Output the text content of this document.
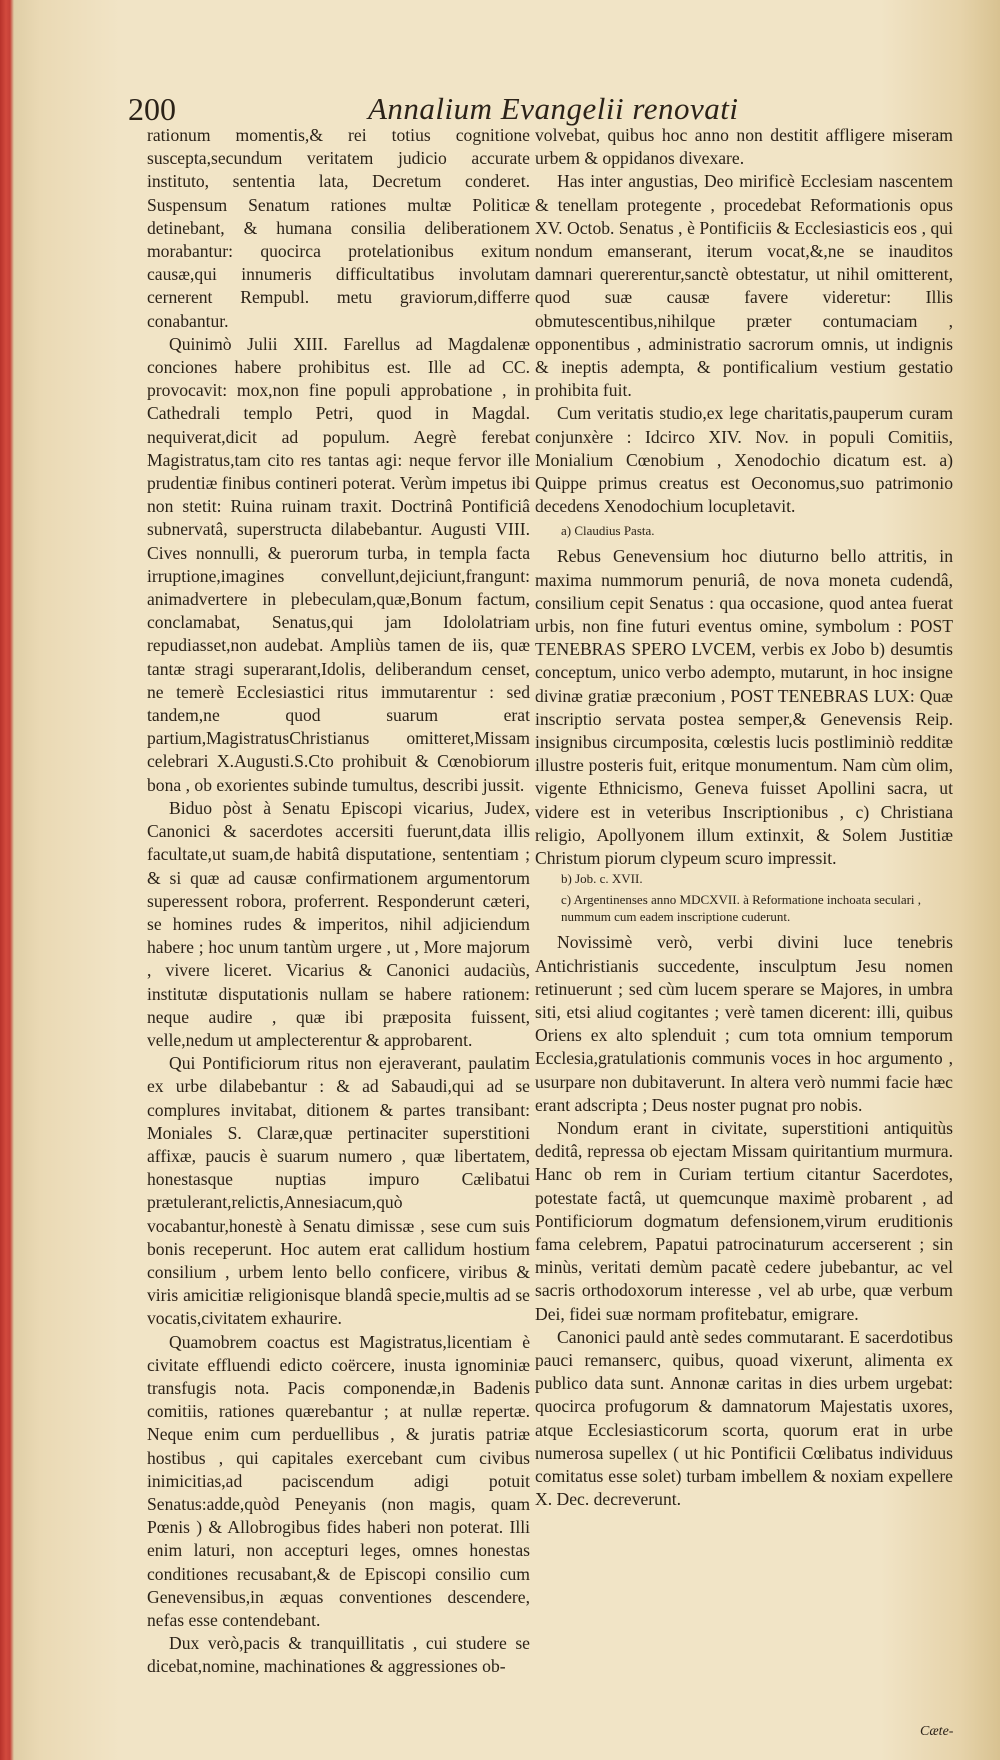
200	Annalium Evangelii renovati

rationum momentis,& rei totius cognitione suscepta,secundum veritatem judicio accurate instituto, sententia lata, Decretum conderet. Suspensum Senatum rationes multæ Politicæ detinebant, & humana consilia deliberationem morabantur: quocirca protelationibus exitum causæ,qui innumeris difficultatibus involutam cernerent Rempubl. metu graviorum,differre conabantur.

Quinimò Julii XIII. Farellus ad Magdalenæ conciones habere prohibitus est. Ille ad CC. provocavit: mox,non fine populi approbatione , in Cathedrali templo Petri, quod in Magdal. nequiverat,dicit ad populum. Aegrè ferebat Magistratus,tam cito res tantas agi: neque fervor ille prudentiæ finibus contineri poterat. Verùm impetus ibi non stetit: Ruina ruinam traxit. Doctrinâ Pontificiâ subnervatâ, superstructa dilabebantur. Augusti VIII. Cives nonnulli, & puerorum turba, in templa facta irruptione,imagines convellunt,dejiciunt,frangunt: animadvertere in plebeculam,quæ,Bonum factum, conclamabat, Senatus,qui jam Idololatriam repudiasset,non audebat. Ampliùs tamen de iis, quæ tantæ stragi superarant,Idolis, deliberandum censet, ne temerè Ecclesiastici ritus immutarentur : sed tandem,ne quod suarum erat partium,MagistratusChristianus omitteret,Missam celebrari X.Augusti.S.Cto prohibuit & Cœnobiorum bona , ob exorientes subinde tumultus, describi jussit.

Biduo pòst à Senatu Episcopi vicarius, Judex, Canonici & sacerdotes accersiti fuerunt,data illis facultate,ut suam,de habitâ disputatione, sententiam ; & si quæ ad causæ confirmationem argumentorum superessent robora, proferrent. Responderunt cæteri, se homines rudes & imperitos, nihil adjiciendum habere ; hoc unum tantùm urgere , ut , More majorum , vivere liceret. Vicarius & Canonici audaciùs, institutæ disputationis nullam se habere rationem: neque audire , quæ ibi præposita fuissent, velle,nedum ut amplecterentur & approbarent.

Qui Pontificiorum ritus non ejeraverant, paulatim ex urbe dilabebantur : & ad Sabaudi,qui ad se complures invitabat, ditionem & partes transibant: Moniales S. Claræ,quæ pertinaciter superstitioni affixæ, paucis è suarum numero , quæ libertatem, honestasque nuptias impuro Cælibatui prætulerant,relictis,Annesiacum,quò vocabantur,honestè à Senatu dimissæ , sese cum suis bonis receperunt. Hoc autem erat callidum hostium consilium , urbem lento bello conficere, viribus & viris amicitiæ religionisque blandâ specie,multis ad se vocatis,civitatem exhaurire.

Quamobrem coactus est Magistratus,licentiam è civitate effluendi edicto coërcere, inusta ignominiæ transfugis nota. Pacis componendæ,in Badenis comitiis, rationes quærebantur ; at nullæ repertæ. Neque enim cum perduellibus , & juratis patriæ hostibus , qui capitales exercebant cum civibus inimicitias,ad paciscendum adigi potuit Senatus:adde,quòd Peneyanis (non magis, quam Pœnis ) & Allobrogibus fides haberi non poterat. Illi enim laturi, non accepturi leges, omnes honestas conditiones recusabant,& de Episcopi consilio cum Genevensibus,in æquas conventiones descendere, nefas esse contendebant.

Dux verò,pacis & tranquillitatis , cui studere se dicebat,nomine, machinationes & aggressiones ob-

volvebat, quibus hoc anno non destitit affligere miseram urbem & oppidanos divexare.

Has inter angustias, Deo mirificè Ecclesiam nascentem & tenellam protegente , procedebat Reformationis opus XV. Octob. Senatus , è Pontificiis & Ecclesiasticis eos , qui nondum emanserant, iterum vocat,&,ne se inauditos damnari quererentur,sanctè obtestatur, ut nihil omitterent, quod suæ causæ favere videretur: Illis obmutescentibus,nihilque præter contumaciam , opponentibus , administratio sacrorum omnis, ut indignis & ineptis adempta, & pontificalium vestium gestatio prohibita fuit.

Cum veritatis studio,ex lege charitatis,pauperum curam conjunxère : Idcirco XIV. Nov. in populi Comitiis, Monialium Cœnobium , Xenodochio dicatum est. a) Quippe primus creatus est Oeconomus,suo patrimonio decedens Xenodochium locupletavit.

a) Claudius Pasta.

Rebus Genevensium hoc diuturno bello attritis, in maxima nummorum penuriâ, de nova moneta cudendâ, consilium cepit Senatus : qua occasione, quod antea fuerat urbis, non fine futuri eventus omine, symbolum : POST TENEBRAS SPERO LVCEM, verbis ex Jobo b) desumtis conceptum, unico verbo adempto, mutarunt, in hoc insigne divinæ gratiæ præconium , POST TENEBRAS LUX: Quæ inscriptio servata postea semper,& Genevensis Reip. insignibus circumposita, cœlestis lucis postliminiò redditæ illustre posteris fuit, eritque monumentum. Nam cùm olim, vigente Ethnicismo, Geneva fuisset Apollini sacra, ut videre est in veteribus Inscriptionibus , c) Christiana religio, Apollyonem illum extinxit, & Solem Justitiæ Christum piorum clypeum scuro impressit.

b) Job. c. XVII.

c) Argentinenses anno MDCXVII. à Reformatione inchoata seculari , nummum cum eadem inscriptione cuderunt.

Novissimè verò, verbi divini luce tenebris Antichristianis succedente, insculptum Jesu nomen retinuerunt ; sed cùm lucem sperare se Majores, in umbra siti, etsi aliud cogitantes ; verè tamen dicerent: illi, quibus Oriens ex alto splenduit ; cum tota omnium temporum Ecclesia,gratulationis communis voces in hoc argumento , usurpare non dubitaverunt. In altera verò nummi facie hæc erant adscripta ; Deus noster pugnat pro nobis.

Nondum erant in civitate, superstitioni antiquitùs deditâ, repressa ob ejectam Missam quiritantium murmura. Hanc ob rem in Curiam tertium citantur Sacerdotes, potestate factâ, ut quemcunque maximè probarent , ad Pontificiorum dogmatum defensionem,virum eruditionis fama celebrem, Papatui patrocinaturum accerserent ; sin minùs, veritati demùm pacatè cedere jubebantur, ac vel sacris orthodoxorum interesse , vel ab urbe, quæ verbum Dei, fidei suæ normam profitebatur, emigrare.

Canonici pauld antè sedes commutarant. E sacerdotibus pauci remanserc, quibus, quoad vixerunt, alimenta ex publico data sunt. Annonæ caritas in dies urbem urgebat: quocirca profugorum & damnatorum Majestatis uxores, atque Ecclesiasticorum scorta, quorum erat in urbe numerosa supellex ( ut hic Pontificii Cœlibatus individuus comitatus esse solet) turbam imbellem & noxiam expellere X. Dec. decreverunt.

Cæte-
